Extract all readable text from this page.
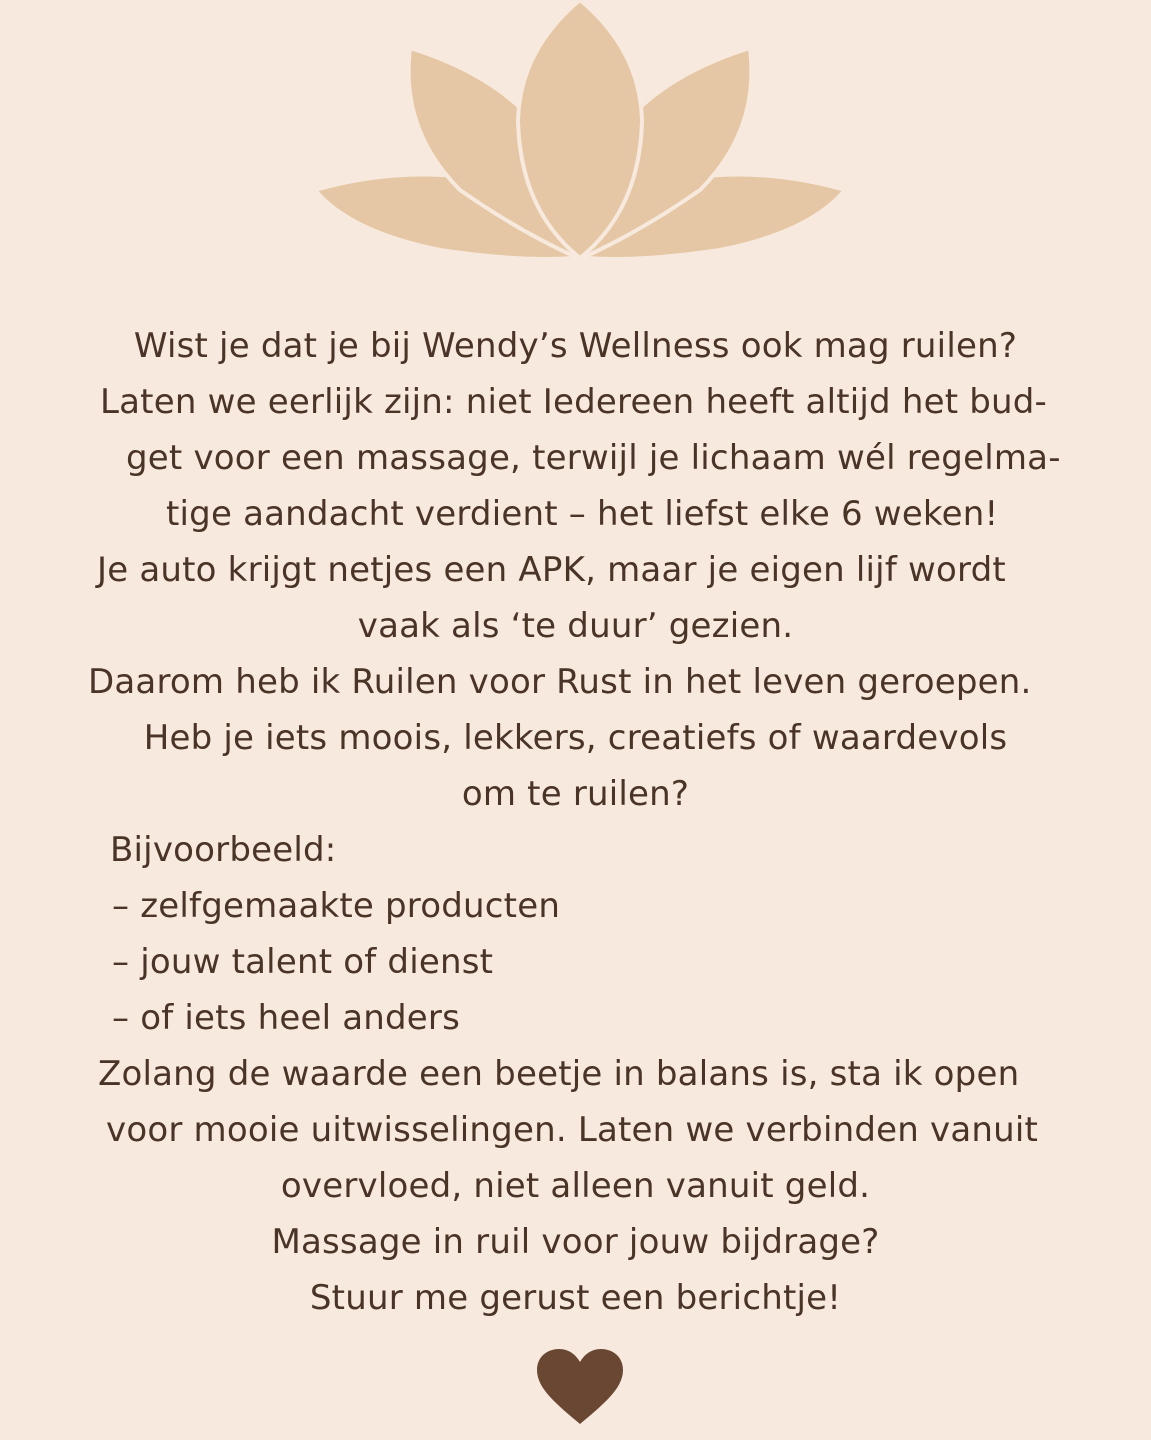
Wist je dat je bij Wendy’s Wellness ook mag ruilen?
Laten we eerlijk zijn: niet Iedereen heeft altijd het bud-
get voor een massage, terwijl je lichaam wél regelma-
tige aandacht verdient – het liefst elke 6 weken!
Je auto krijgt netjes een APK, maar je eigen lijf wordt
vaak als ‘te duur’ gezien.
Daarom heb ik Ruilen voor Rust in het leven geroepen.
Heb je iets moois, lekkers, creatiefs of waardevols
om te ruilen?
Bijvoorbeeld:
– zelfgemaakte producten
– jouw talent of dienst
– of iets heel anders
Zolang de waarde een beetje in balans is, sta ik open
voor mooie uitwisselingen. Laten we verbinden vanuit
overvloed, niet alleen vanuit geld.
Massage in ruil voor jouw bijdrage?
Stuur me gerust een berichtje!
